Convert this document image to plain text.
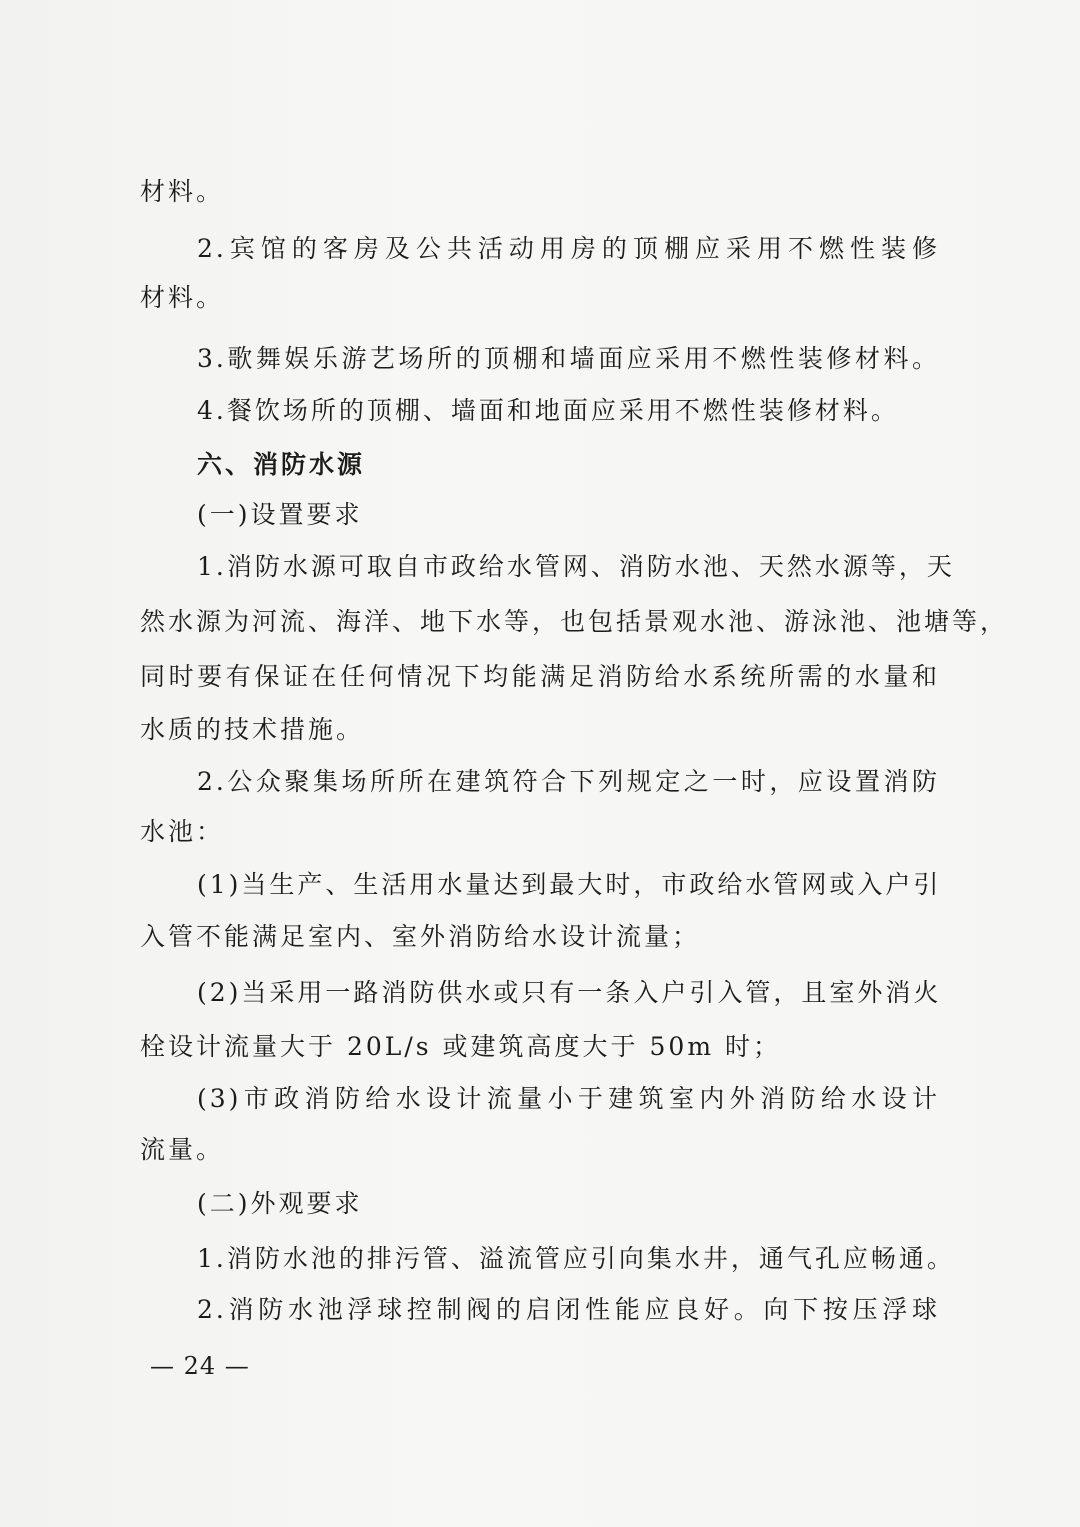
材料。
2.宾馆的客房及公共活动用房的顶棚应采用不燃性装修
材料。
3.歌舞娱乐游艺场所的顶棚和墙面应采用不燃性装修材料。
4.餐饮场所的顶棚、墙面和地面应采用不燃性装修材料。
六、消防水源
(一)设置要求
1.消防水源可取自市政给水管网、消防水池、天然水源等，天
然水源为河流、海洋、地下水等，也包括景观水池、游泳池、池塘等，
同时要有保证在任何情况下均能满足消防给水系统所需的水量和
水质的技术措施。
2.公众聚集场所所在建筑符合下列规定之一时，应设置消防
水池：
(1)当生产、生活用水量达到最大时，市政给水管网或入户引
入管不能满足室内、室外消防给水设计流量；
(2)当采用一路消防供水或只有一条入户引入管，且室外消火
栓设计流量大于 20L/s 或建筑高度大于 50m 时；
(3)市政消防给水设计流量小于建筑室内外消防给水设计
流量。
(二)外观要求
1.消防水池的排污管、溢流管应引向集水井，通气孔应畅通。
2.消防水池浮球控制阀的启闭性能应良好。向下按压浮球
— 24 —
